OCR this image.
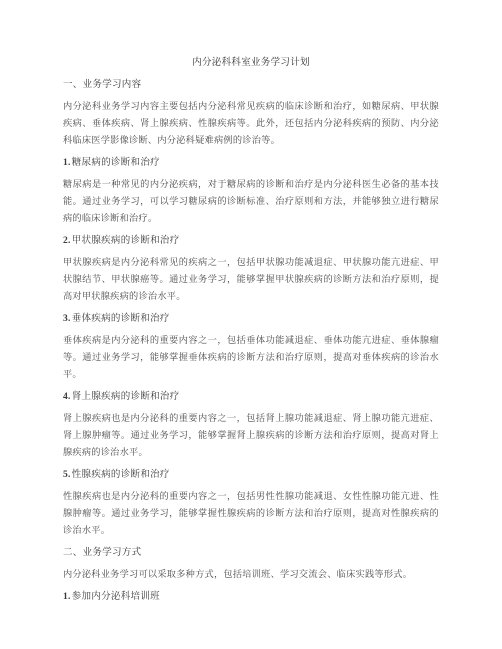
内分泌科科室业务学习计划
一、业务学习内容
内分泌科业务学习内容主要包括内分泌科常见疾病的临床诊断和治疗，如糖尿病、甲状腺疾病、垂体疾病、肾上腺疾病、性腺疾病等。此外，还包括内分泌科疾病的预防、内分泌科临床医学影像诊断、内分泌科疑难病例的诊治等。
1.糖尿病的诊断和治疗
糖尿病是一种常见的内分泌疾病，对于糖尿病的诊断和治疗是内分泌科医生必备的基本技能。通过业务学习，可以学习糖尿病的诊断标准、治疗原则和方法，并能够独立进行糖尿病的临床诊断和治疗。
2.甲状腺疾病的诊断和治疗
甲状腺疾病是内分泌科常见的疾病之一，包括甲状腺功能减退症、甲状腺功能亢进症、甲状腺结节、甲状腺癌等。通过业务学习，能够掌握甲状腺疾病的诊断方法和治疗原则，提高对甲状腺疾病的诊治水平。
3.垂体疾病的诊断和治疗
垂体疾病是内分泌科的重要内容之一，包括垂体功能减退症、垂体功能亢进症、垂体腺瘤等。通过业务学习，能够掌握垂体疾病的诊断方法和治疗原则，提高对垂体疾病的诊治水平。
4.肾上腺疾病的诊断和治疗
肾上腺疾病也是内分泌科的重要内容之一，包括肾上腺功能减退症、肾上腺功能亢进症、肾上腺肿瘤等。通过业务学习，能够掌握肾上腺疾病的诊断方法和治疗原则，提高对肾上腺疾病的诊治水平。
5.性腺疾病的诊断和治疗
性腺疾病也是内分泌科的重要内容之一，包括男性性腺功能减退、女性性腺功能亢进、性腺肿瘤等。通过业务学习，能够掌握性腺疾病的诊断方法和治疗原则，提高对性腺疾病的诊治水平。
二、业务学习方式
内分泌科业务学习可以采取多种方式，包括培训班、学习交流会、临床实践等形式。
1.参加内分泌科培训班
